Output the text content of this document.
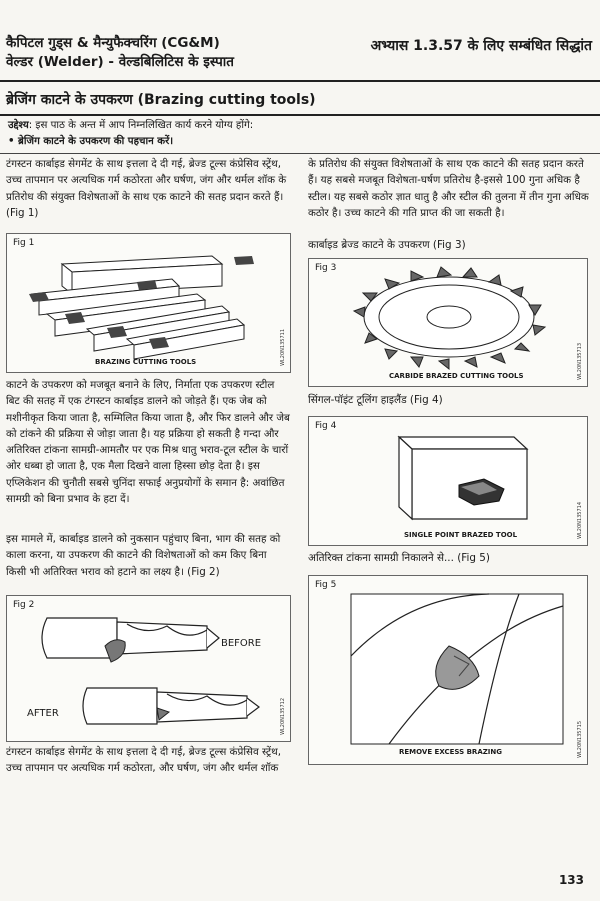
कैपिटल गुड्स & मैन्युफैक्चरिंग (CG&M)
वेल्डर (Welder) - वेल्डबिलिटिस के इस्पात
अभ्यास 1.3.57 के लिए सम्बंधित सिद्धांत
ब्रेजिंग काटने के उपकरण (Brazing cutting tools)
उद्देश्य: इस पाठ के अन्त में आप निम्नलिखित कार्य करने योग्य होंगे:
• ब्रेजिंग काटने के उपकरण की पहचान करें।

टंगस्टन कार्बाइड सेगमेंट के साथ इत्तला दे दी गई, ब्रेज्ड टूल्स कंप्रेसिव स्ट्रेंथ, उच्च तापमान पर अत्यधिक गर्म कठोरता और घर्षण, जंग और थर्मल शॉक के प्रतिरोध की संयुक्त विशेषताओं के साथ एक काटने की सतह प्रदान करते हैं। (Fig 1)

Fig 1
BRAZING CUTTING TOOLS	WL20N135711

काटने के उपकरण को मजबूत बनाने के लिए, निर्माता एक उपकरण स्टील बिट की सतह में एक टंगस्टन कार्बाइड डालने को जोड़ते हैं। एक जेब को मशीनीकृत किया जाता है, सम्मिलित किया जाता है, और फिर डालने और जेब को टांकने की प्रक्रिया से जोड़ा जाता है। यह प्रक्रिया हो सकती है गन्दा और अतिरिक्त टांकना सामग्री-आमतौर पर एक मिश्र धातु भराव-टूल स्टील के चारों ओर धब्बा हो जाता है, एक मैला दिखने वाला हिस्सा छोड़ देता है। इस एप्लिकेशन की चुनौती सबसे चुनिंदा सफाई अनुप्रयोगों के समान है: अवांछित सामग्री को बिना प्रभाव के हटा दें।

इस मामले में, कार्बाइड डालने को नुकसान पहुंचाए बिना, भाग की सतह को काला करना, या उपकरण की काटने की विशेषताओं को कम किए बिना किसी भी अतिरिक्त भराव को हटाने का लक्ष्य है। (Fig 2)

Fig 2
BEFORE
AFTER	WL20N135712

टंगस्टन कार्बाइड सेगमेंट के साथ इत्तला दे दी गई, ब्रेज्ड टूल्स कंप्रेसिव स्ट्रेंथ, उच्च तापमान पर अत्यधिक गर्म कठोरता, और घर्षण, जंग और थर्मल शॉक

के प्रतिरोध की संयुक्त विशेषताओं के साथ एक काटने की सतह प्रदान करते हैं। यह सबसे मजबूत विशेषता-घर्षण प्रतिरोध है-इससे 100 गुना अधिक है स्टील। यह सबसे कठोर ज्ञात धातु है और स्टील की तुलना में तीन गुना अधिक कठोर है। उच्च काटने की गति प्राप्त की जा सकती है।

कार्बाइड ब्रेज्ड काटने के उपकरण (Fig 3)
Fig 3
CARBIDE BRAZED CUTTING TOOLS	WL20N135713
सिंगल-पॉइंट टूलिंग हाइलैंड (Fig 4)
Fig 4
SINGLE POINT BRAZED TOOL	WL20N135714
अतिरिक्त टांकना सामग्री निकालने से... (Fig 5)
Fig 5
REMOVE EXCESS BRAZING	WL20N135715
133
